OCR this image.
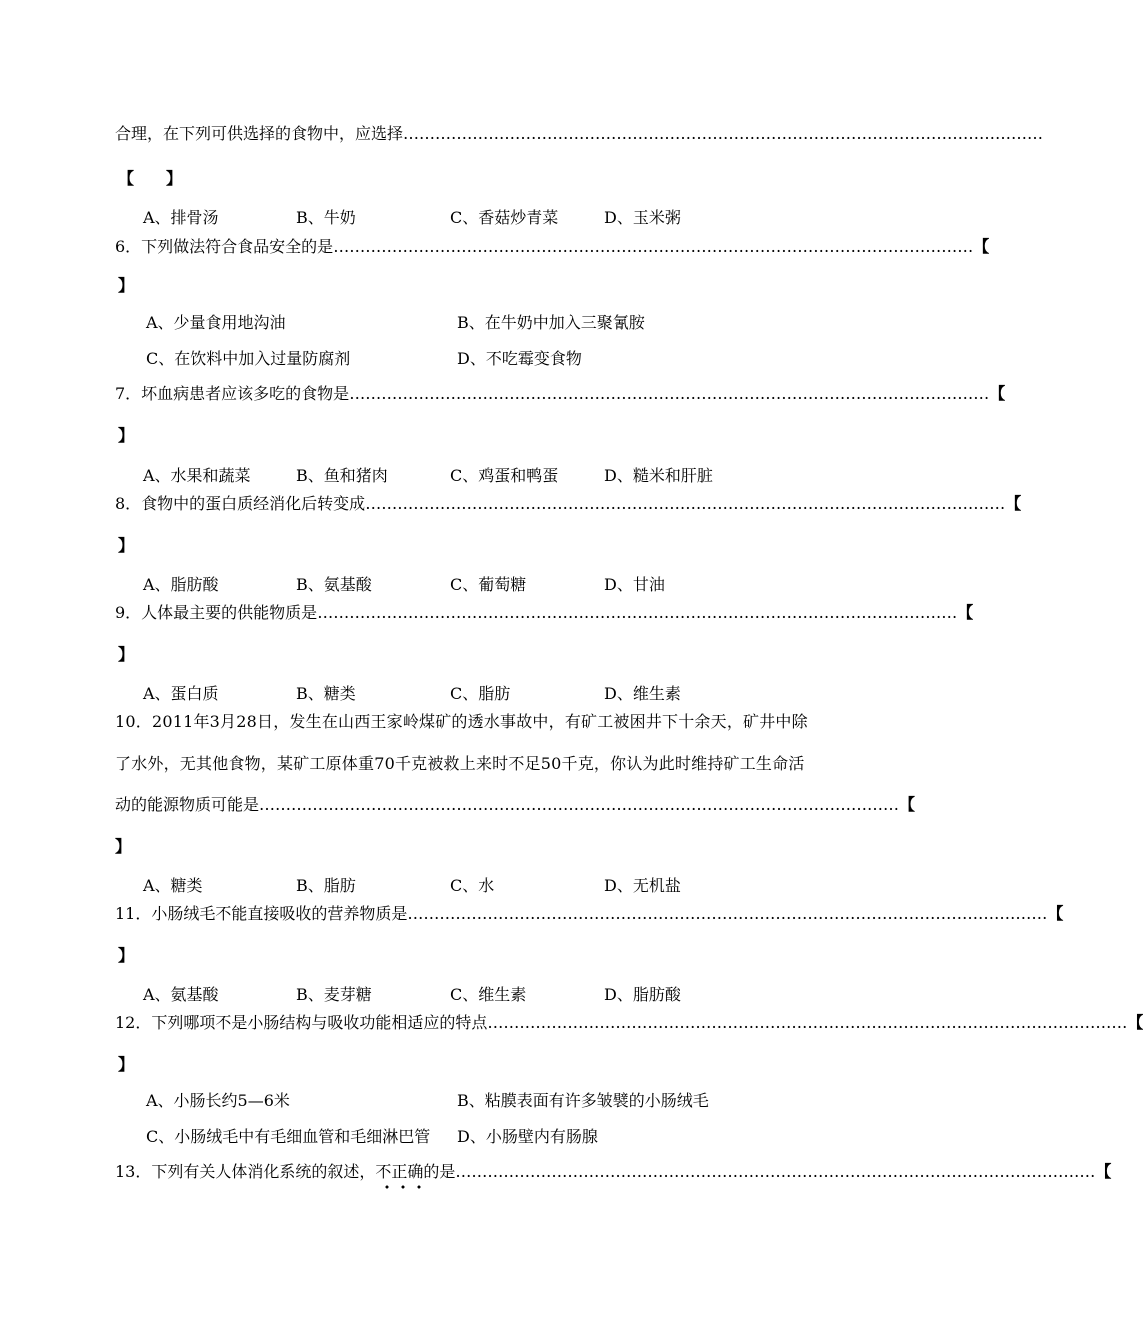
合理，在下列可供选择的食物中，应选择 …………………………………………………………………………………………………………
【　　】
A、排骨汤	B、牛奶	C、香菇炒青菜	D、玉米粥
6．下列做法符合食品安全的是 ………………………………………………………………………………………………………… 【
】
A、少量食用地沟油	B、在牛奶中加入三聚氰胺
C、在饮料中加入过量防腐剂	D、不吃霉变食物
7．坏血病患者应该多吃的食物是 ………………………………………………………………………………………………………… 【
】
A、水果和蔬菜	B、鱼和猪肉	C、鸡蛋和鸭蛋	D、糙米和肝脏
8．食物中的蛋白质经消化后转变成 ………………………………………………………………………………………………………… 【
】
A、脂肪酸	B、氨基酸	C、葡萄糖	D、甘油
9．人体最主要的供能物质是 ………………………………………………………………………………………………………… 【
】
A、蛋白质	B、糖类	C、脂肪	D、维生素
10．2011年3月28日，发生在山西王家岭煤矿的透水事故中，有矿工被困井下十余天，矿井中除
了水外，无其他食物，某矿工原体重70千克被救上来时不足50千克，你认为此时维持矿工生命活
动的能源物质可能是 ………………………………………………………………………………………………………… 【
】
A、糖类	B、脂肪	C、水	D、无机盐
11．小肠绒毛不能直接吸收的营养物质是 ………………………………………………………………………………………………………… 【
】
A、氨基酸	B、麦芽糖	C、维生素	D、脂肪酸
12．下列哪项不是小肠结构与吸收功能相适应的特点 ………………………………………………………………………………………………………… 【
】
A、小肠长约5—6米	B、粘膜表面有许多皱襞的小肠绒毛
C、小肠绒毛中有毛细血管和毛细淋巴管 D、小肠壁内有肠腺
13．下列有关人体消化系统的叙述，不正确的是 ………………………………………………………………………………………………………… 【
